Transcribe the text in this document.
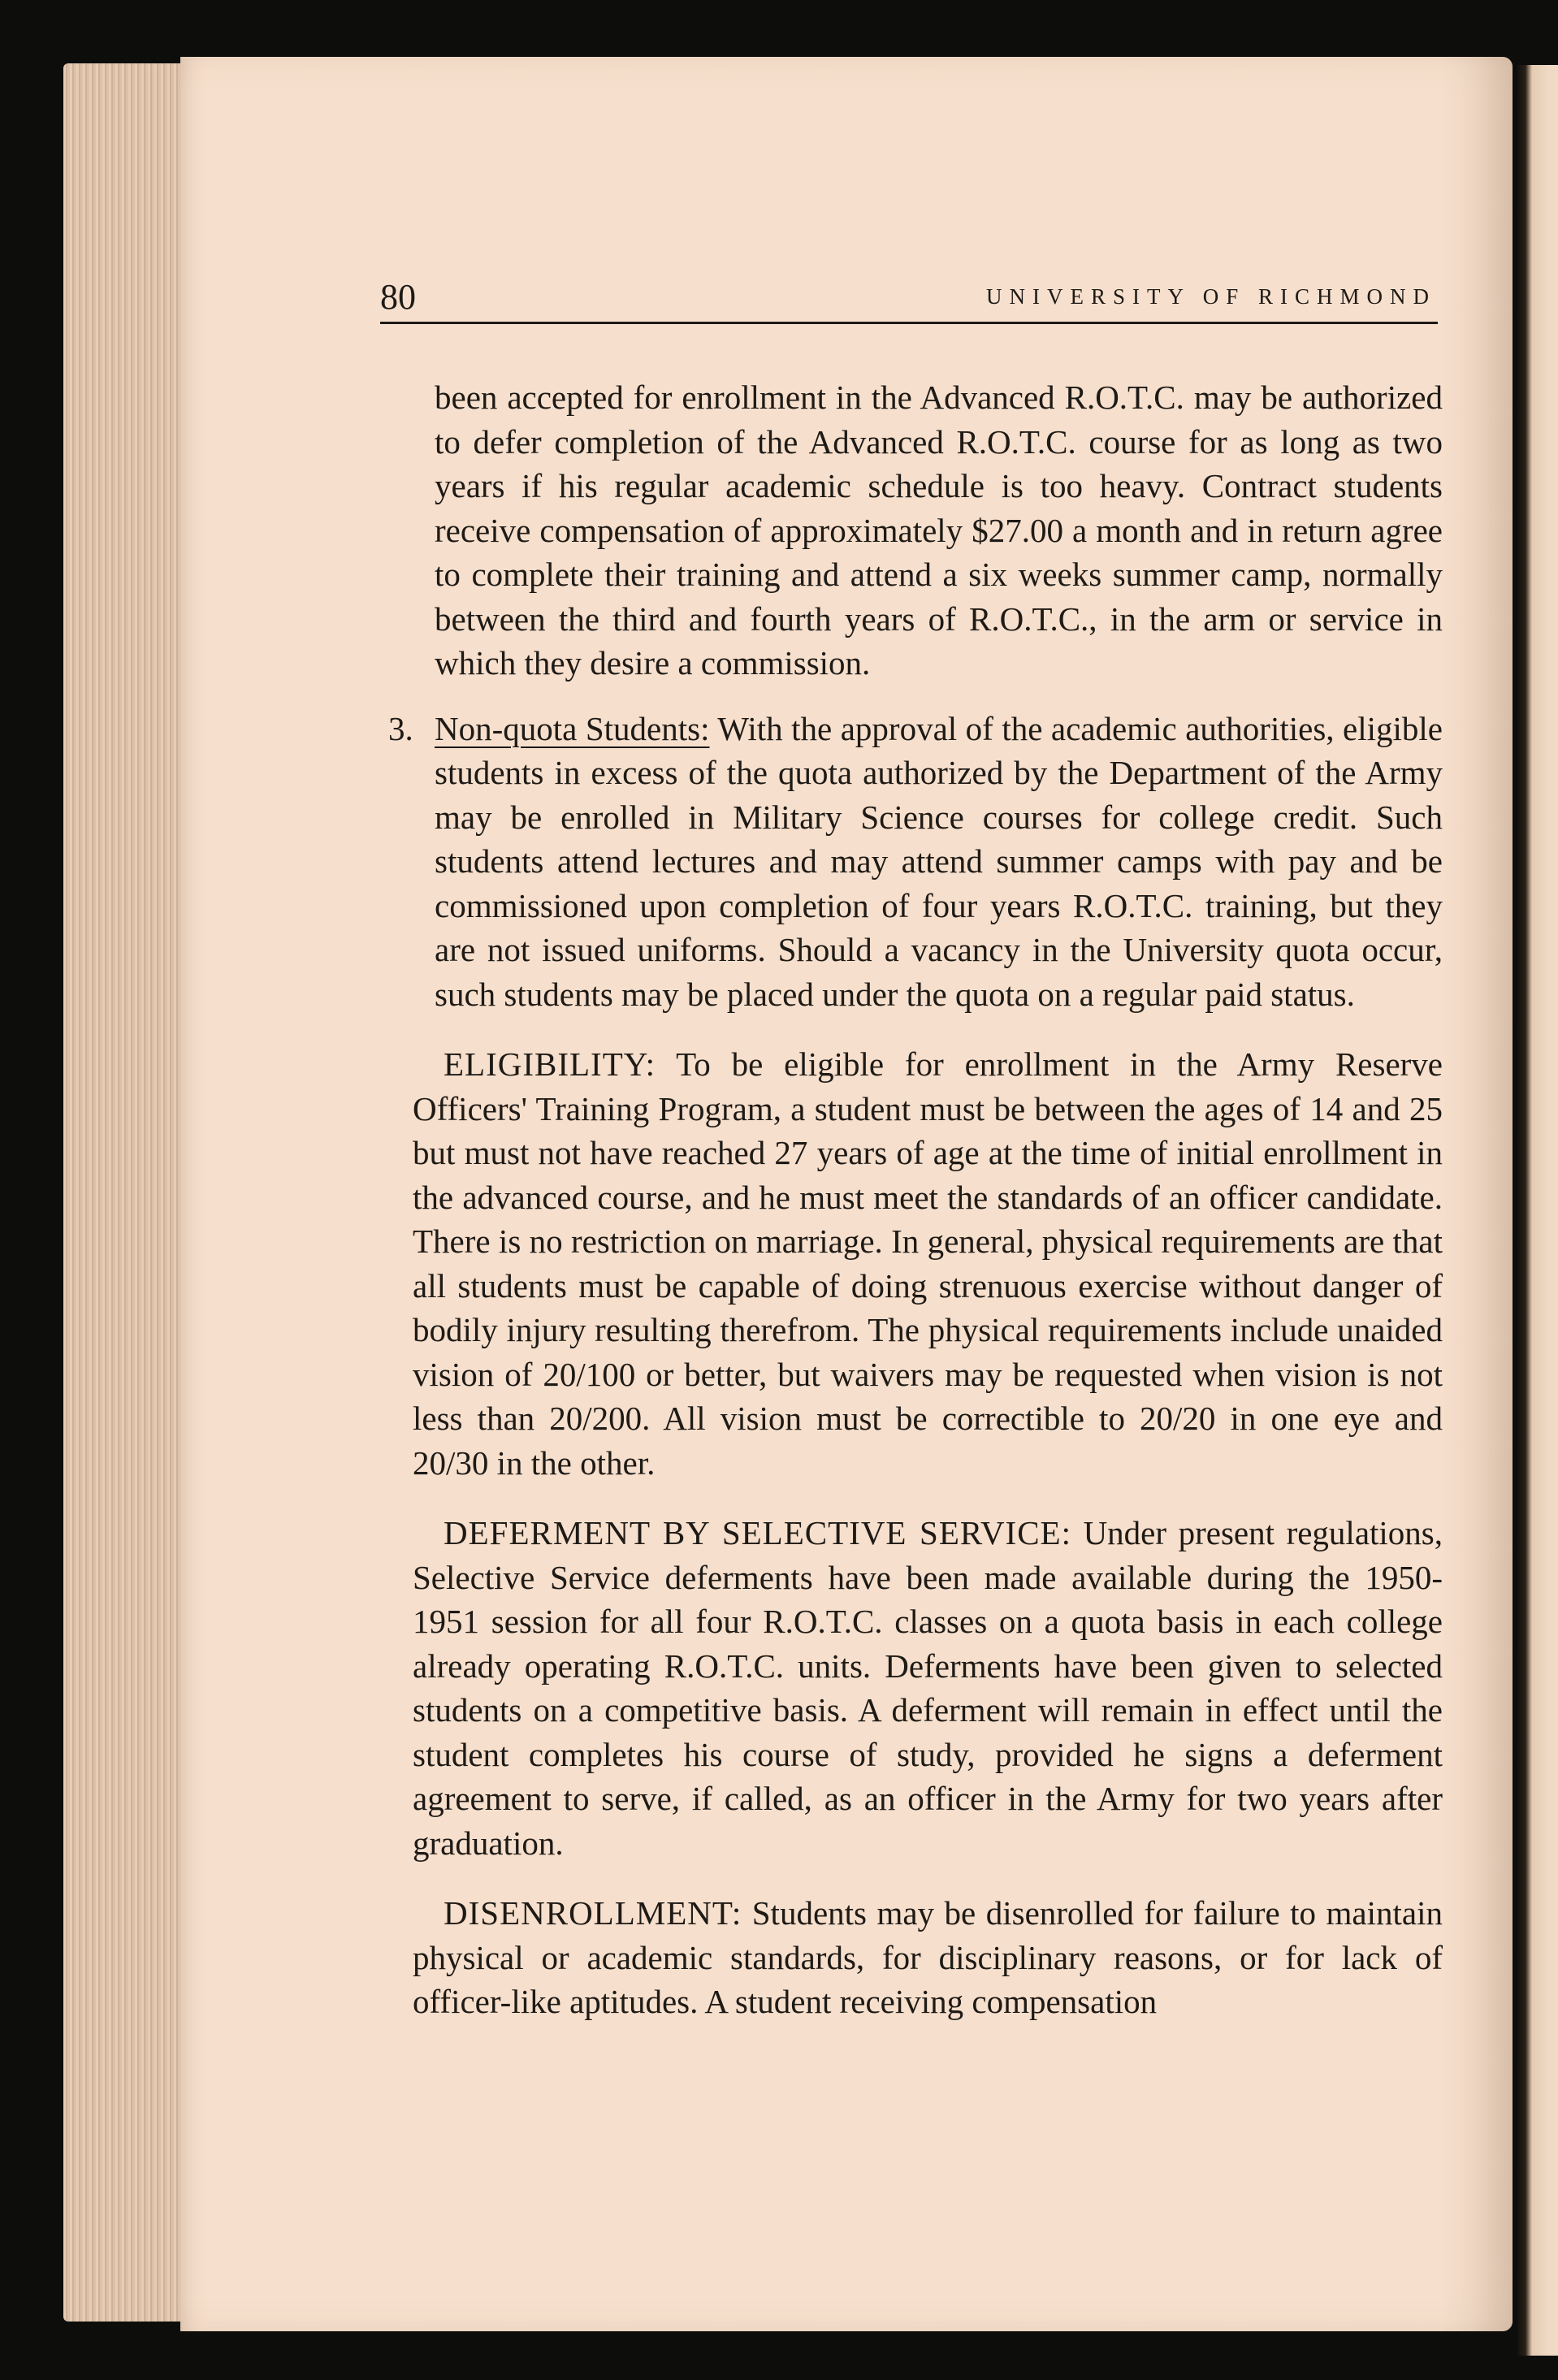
80	UNIVERSITY OF RICHMOND

been accepted for enrollment in the Advanced R.O.T.C. may be authorized to defer completion of the Advanced R.O.T.C. course for as long as two years if his regular academic schedule is too heavy. Contract students receive compensation of approximately $27.00 a month and in return agree to complete their training and attend a six weeks summer camp, normally between the third and fourth years of R.O.T.C., in the arm or service in which they desire a commission.

3. Non-quota Students: With the approval of the academic authorities, eligible students in excess of the quota authorized by the Department of the Army may be enrolled in Military Science courses for college credit. Such students attend lectures and may attend summer camps with pay and be commissioned upon completion of four years R.O.T.C. training, but they are not issued uniforms. Should a vacancy in the University quota occur, such students may be placed under the quota on a regular paid status.

ELIGIBILITY: To be eligible for enrollment in the Army Reserve Officers' Training Program, a student must be between the ages of 14 and 25 but must not have reached 27 years of age at the time of initial enrollment in the advanced course, and he must meet the standards of an officer candidate. There is no restriction on marriage. In general, physical requirements are that all students must be capable of doing strenuous exercise without danger of bodily injury resulting therefrom. The physical requirements include unaided vision of 20/100 or better, but waivers may be requested when vision is not less than 20/200. All vision must be correctible to 20/20 in one eye and 20/30 in the other.

DEFERMENT BY SELECTIVE SERVICE: Under present regulations, Selective Service deferments have been made available during the 1950-1951 session for all four R.O.T.C. classes on a quota basis in each college already operating R.O.T.C. units. Deferments have been given to selected students on a competitive basis. A deferment will remain in effect until the student completes his course of study, provided he signs a deferment agreement to serve, if called, as an officer in the Army for two years after graduation.

DISENROLLMENT: Students may be disenrolled for failure to maintain physical or academic standards, for disciplinary reasons, or for lack of officer-like aptitudes. A student receiving compensation
